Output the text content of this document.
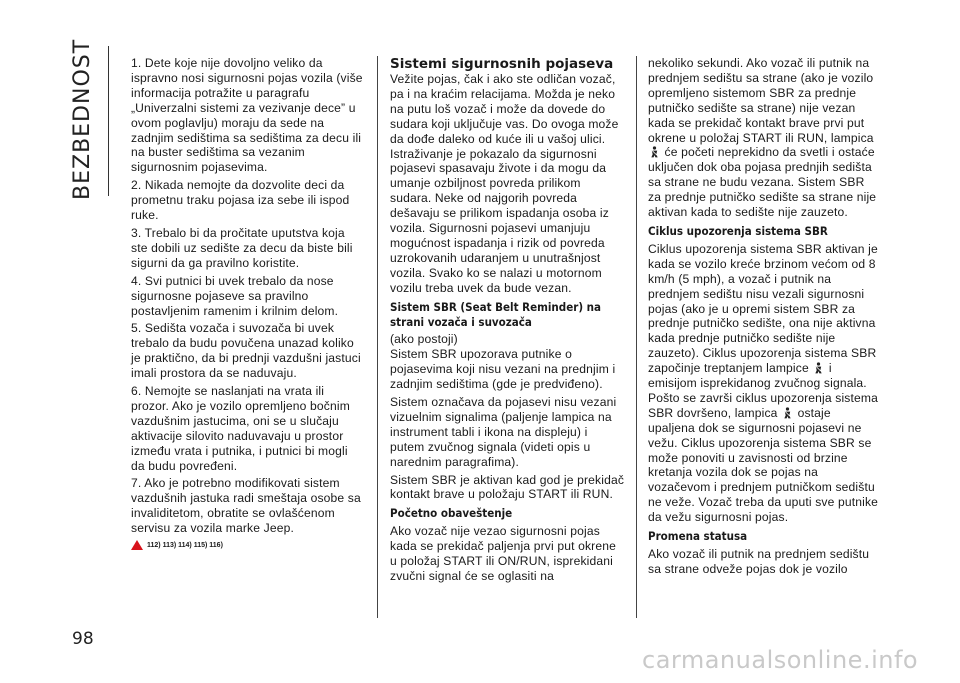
BEZBEDNOST
98

1. Dete koje nije dovoljno veliko da ispravno nosi sigurnosni pojas vozila (više informacija potražite u paragrafu „Univerzalni sistemi za vezivanje dece” u ovom poglavlju) moraju da sede na zadnjim sedištima sa sedištima za decu ili na buster sedištima sa vezanim sigurnosnim pojasevima.

2. Nikada nemojte da dozvolite deci da prometnu traku pojasa iza sebe ili ispod ruke.

3. Trebalo bi da pročitate uputstva koja ste dobili uz sedište za decu da biste bili sigurni da ga pravilno koristite.

4. Svi putnici bi uvek trebalo da nose sigurnosne pojaseve sa pravilno postavljenim ramenim i krilnim delom.

5. Sedišta vozača i suvozača bi uvek trebalo da budu povučena unazad koliko je praktično, da bi prednji vazdušni jastuci imali prostora da se naduvaju.

6. Nemojte se naslanjati na vrata ili prozor. Ako je vozilo opremljeno bočnim vazdušnim jastucima, oni se u slučaju aktivacije silovito naduvavaju u prostor između vrata i putnika, i putnici bi mogli da budu povređeni.

7. Ako je potrebno modifikovati sistem vazdušnih jastuka radi smeštaja osobe sa invaliditetom, obratite se ovlašćenom servisu za vozila marke Jeep.

112) 113) 114) 115) 116)
Sistemi sigurnosnih pojaseva

Vežite pojas, čak i ako ste odličan vozač, pa i na kraćim relacijama. Možda je neko na putu loš vozač i može da dovede do sudara koji uključuje vas. Do ovoga može da dođe daleko od kuće ili u vašoj ulici. Istraživanje je pokazalo da sigurnosni pojasevi spasavaju živote i da mogu da umanje ozbiljnost povreda prilikom sudara. Neke od najgorih povreda dešavaju se prilikom ispadanja osoba iz vozila. Sigurnosni pojasevi umanjuju mogućnost ispadanja i rizik od povreda uzrokovanih udaranjem u unutrašnjost vozila. Svako ko se nalazi u motornom vozilu treba uvek da bude vezan.

Sistem SBR (Seat Belt Reminder) na strani vozača i suvozača

(ako postoji)
Sistem SBR upozorava putnike o pojasevima koji nisu vezani na prednjim i zadnjim sedištima (gde je predviđeno).

Sistem označava da pojasevi nisu vezani vizuelnim signalima (paljenje lampica na instrument tabli i ikona na displeju) i putem zvučnog signala (videti opis u narednim paragrafima).

Sistem SBR je aktivan kad god je prekidač kontakt brave u položaju START ili RUN.

Početno obaveštenje

Ako vozač nije vezao sigurnosni pojas kada se prekidač paljenja prvi put okrene u položaj START ili ON/RUN, isprekidani zvučni signal će se oglasiti na

nekoliko sekundi. Ako vozač ili putnik na prednjem sedištu sa strane (ako je vozilo opremljeno sistemom SBR za prednje putničko sedište sa strane) nije vezan kada se prekidač kontakt brave prvi put okrene u položaj START ili RUN, lampica  će početi neprekidno da svetli i ostaće uključen dok oba pojasa prednjih sedišta sa strane ne budu vezana. Sistem SBR za prednje putničko sedište sa strane nije aktivan kada to sedište nije zauzeto.

Ciklus upozorenja sistema SBR

Ciklus upozorenja sistema SBR aktivan je kada se vozilo kreće brzinom većom od 8 km/h (5 mph), a vozač i putnik na prednjem sedištu nisu vezali sigurnosni pojas (ako je u opremi sistem SBR za prednje putničko sedište, ona nije aktivna kada prednje putničko sedište nije zauzeto). Ciklus upozorenja sistema SBR započinje treptanjem lampice i emisijom isprekidanog zvučnog signala. Pošto se završi ciklus upozorenja sistema SBR dovršeno, lampica ostaje upaljena dok se sigurnosni pojasevi ne vežu. Ciklus upozorenja sistema SBR se može ponoviti u zavisnosti od brzine kretanja vozila dok se pojas na vozačevom i prednjem putničkom sedištu ne veže. Vozač treba da uputi sve putnike da vežu sigurnosni pojas.

Promena statusa

Ako vozač ili putnik na prednjem sedištu sa strane odveže pojas dok je vozilo

carmanualsonline.info
